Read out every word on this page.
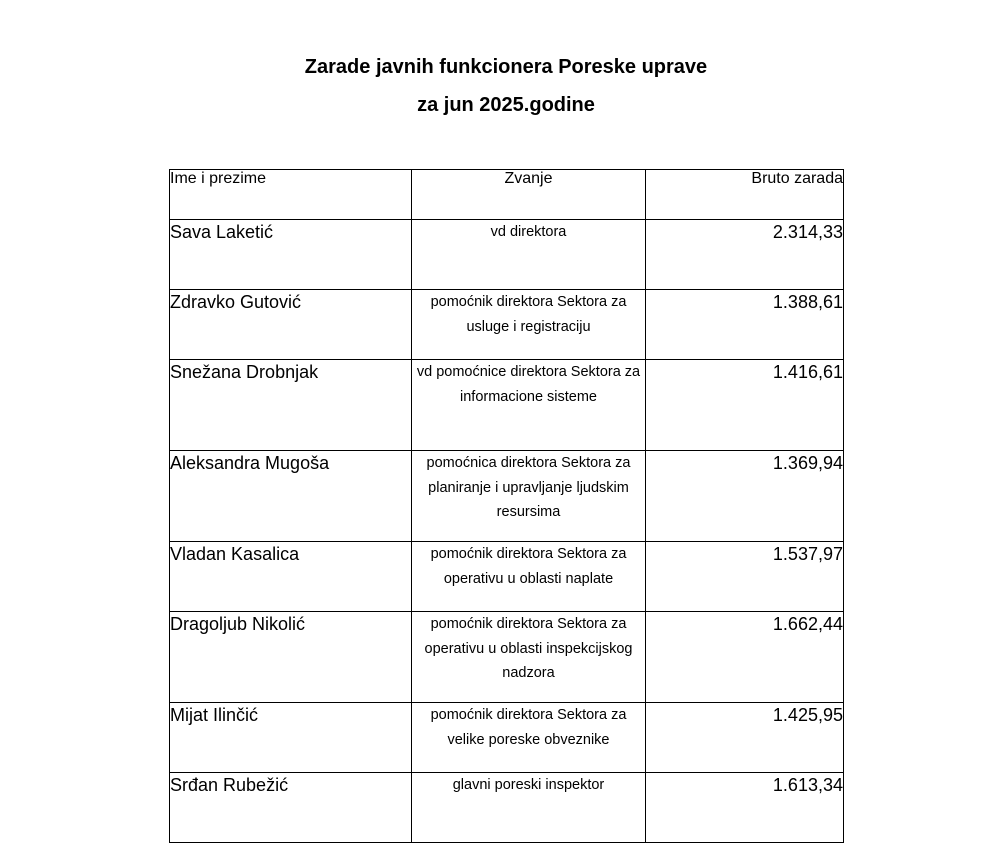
Zarade javnih funkcionera Poreske uprave
za jun 2025.godine
Ime i prezime	Zvanje	Bruto zarada
Sava Laketić	vd direktora	2.314,33
Zdravko Gutović	pomoćnik direktora Sektora za usluge i registraciju	1.388,61
Snežana Drobnjak	vd pomoćnice direktora Sektora za informacione sisteme	1.416,61
Aleksandra Mugoša	pomoćnica direktora Sektora za planiranje i upravljanje ljudskim resursima	1.369,94
Vladan Kasalica	pomoćnik direktora Sektora za operativu u oblasti naplate	1.537,97
Dragoljub Nikolić	pomoćnik direktora Sektora za operativu u oblasti inspekcijskog nadzora	1.662,44
Mijat Ilinčić	pomoćnik direktora Sektora za velike poreske obveznike	1.425,95
Srđan Rubežić	glavni poreski inspektor	1.613,34
